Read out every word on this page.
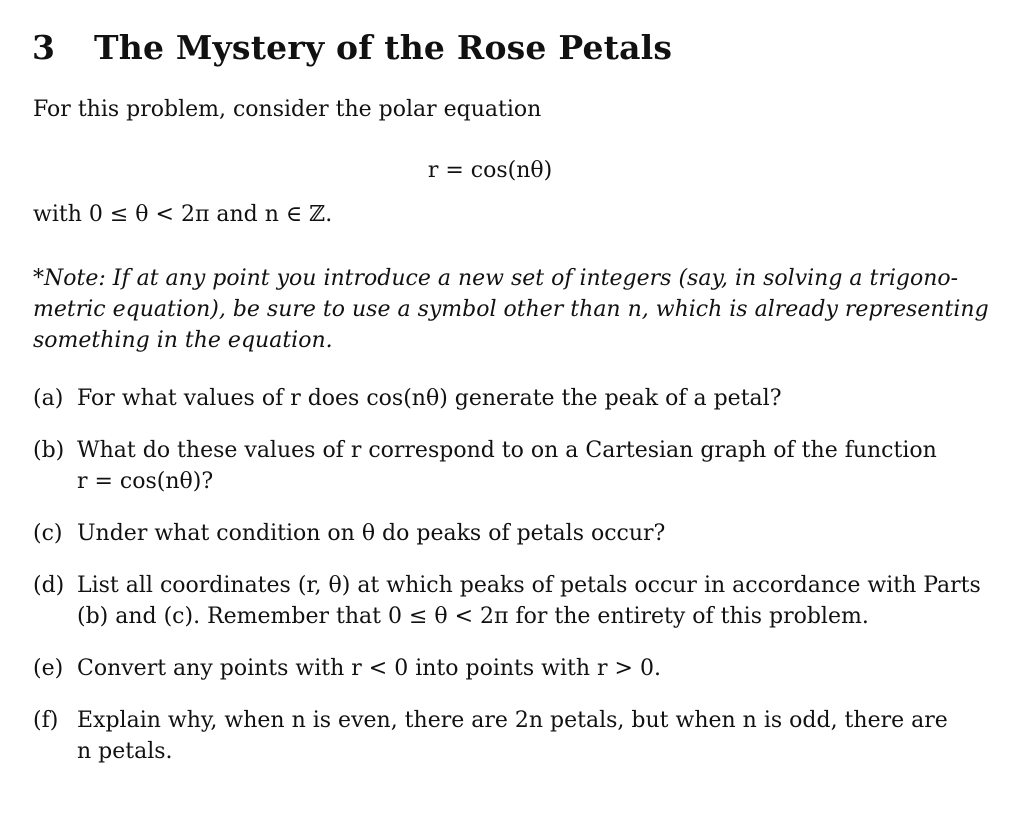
3 The Mystery of the Rose Petals
For this problem, consider the polar equation
r = cos(nθ)
with 0 ≤ θ < 2π and n ∈ ℤ.
*Note: If at any point you introduce a new set of integers (say, in solving a trigono-
metric equation), be sure to use a symbol other than n, which is already representing
something in the equation.
(a) For what values of r does cos(nθ) generate the peak of a petal?
(b) What do these values of r correspond to on a Cartesian graph of the function
r = cos(nθ)?
(c) Under what condition on θ do peaks of petals occur?
(d) List all coordinates (r, θ) at which peaks of petals occur in accordance with Parts
(b) and (c). Remember that 0 ≤ θ < 2π for the entirety of this problem.
(e) Convert any points with r < 0 into points with r > 0.
(f) Explain why, when n is even, there are 2n petals, but when n is odd, there are
n petals.
